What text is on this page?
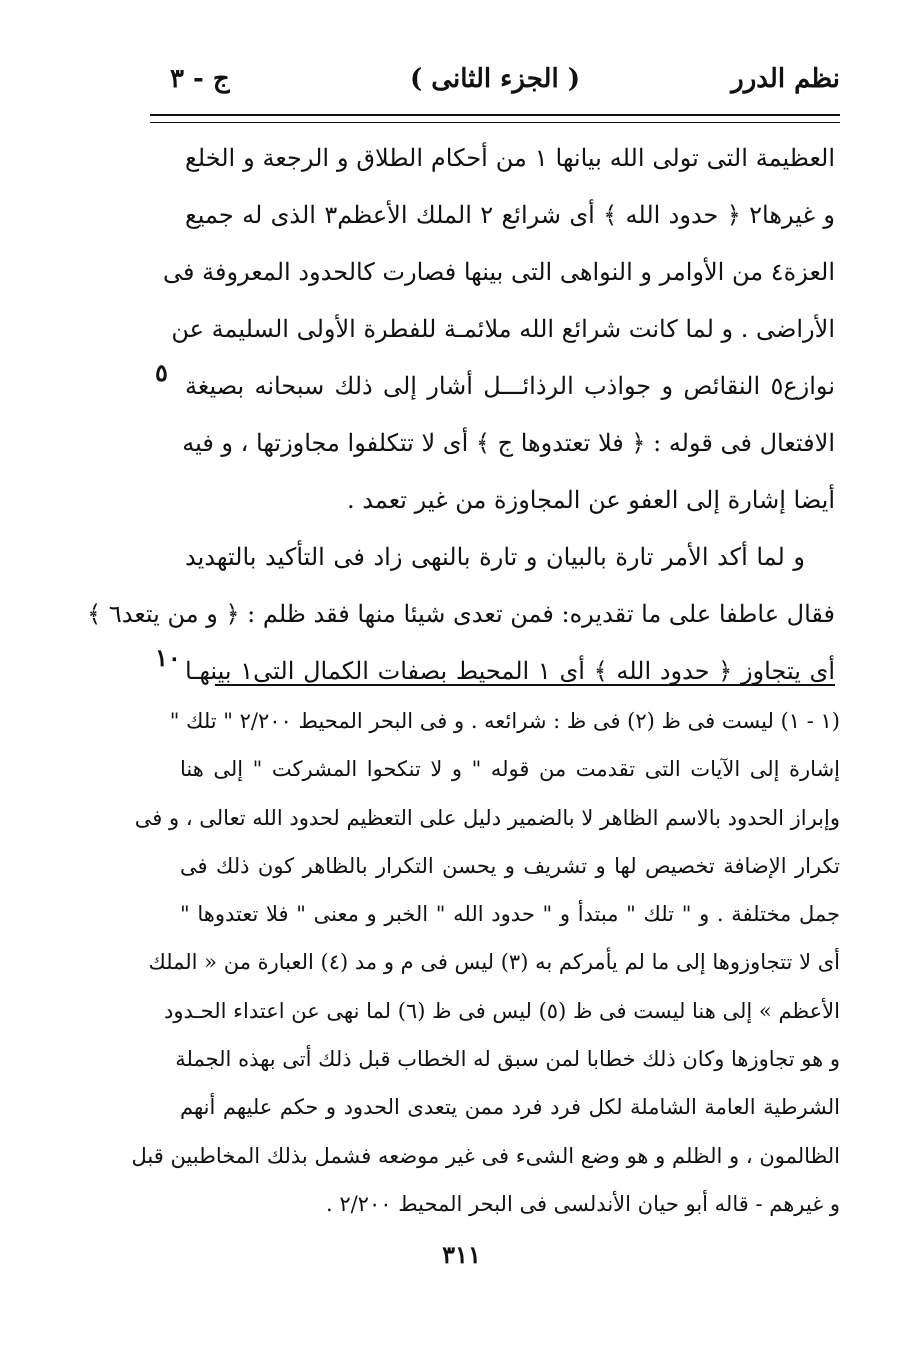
نظم الدرر
( الجزء الثانى )
ج - ٣
العظيمة التى تولى الله بيانها ١ من أحكام الطلاق و الرجعة و الخلع
و غيرها٢ ﴿ حدود الله ﴾ أى شرائع ٢ الملك الأعظم٣ الذى له جميع
العزة٤ من الأوامر و النواهى التى بينها فصارت كالحدود المعروفة فى
الأراضى . و لما كانت شرائع الله ملائمـة للفطرة الأولى السليمة عن
نوازع٥ النقائص و جواذب الرذائـــل أشار إلى ذلك سبحانه بصيغة
الافتعال فى قوله : ﴿ فلا تعتدوها ج ﴾ أى لا تتكلفوا مجاوزتها ، و فيه
أيضا إشارة إلى العفو عن المجاوزة من غير تعمد .
و لما أكد الأمر تارة بالبيان و تارة بالنهى زاد فى التأكيد بالتهديد
فقال عاطفا على ما تقديره: فمن تعدى شيئا منها فقد ظلم : ﴿ و من يتعد٦ ﴾
أى يتجاوز ﴿ حدود الله ﴾ أى ١ المحيط بصفات الكمال التى١ بينهـا
٥
١٠
(١ - ١) ليست فى ظ (٢) فى ظ : شرائعه . و فى البحر المحيط ٢/٢٠٠ " تلك "
إشارة إلى الآيات التى تقدمت من قوله " و لا تنكحوا المشركت " إلى هنا
وإبراز الحدود بالاسم الظاهر لا بالضمير دليل على التعظيم لحدود الله تعالى ، و فى
تكرار الإضافة تخصيص لها و تشريف و يحسن التكرار بالظاهر كون ذلك فى
جمل مختلفة . و " تلك " مبتدأ و " حدود الله " الخبر و معنى " فلا تعتدوها "
أى لا تتجاوزوها إلى ما لم يأمركم به (٣) ليس فى م و مد (٤) العبارة من « الملك
الأعظم » إلى هنا ليست فى ظ (٥) ليس فى ظ (٦) لما نهى عن اعتداء الحـدود
و هو تجاوزها وكان ذلك خطابا لمن سبق له الخطاب قبل ذلك أتى بهذه الجملة
الشرطية العامة الشاملة لكل فرد فرد ممن يتعدى الحدود و حكم عليهم أنهم
الظالمون ، و الظلم و هو وضع الشىء فى غير موضعه فشمل بذلك المخاطبين قبل
و غيرهم - قاله أبو حيان الأندلسى فى البحر المحيط ٢/٢٠٠ .
٣١١
